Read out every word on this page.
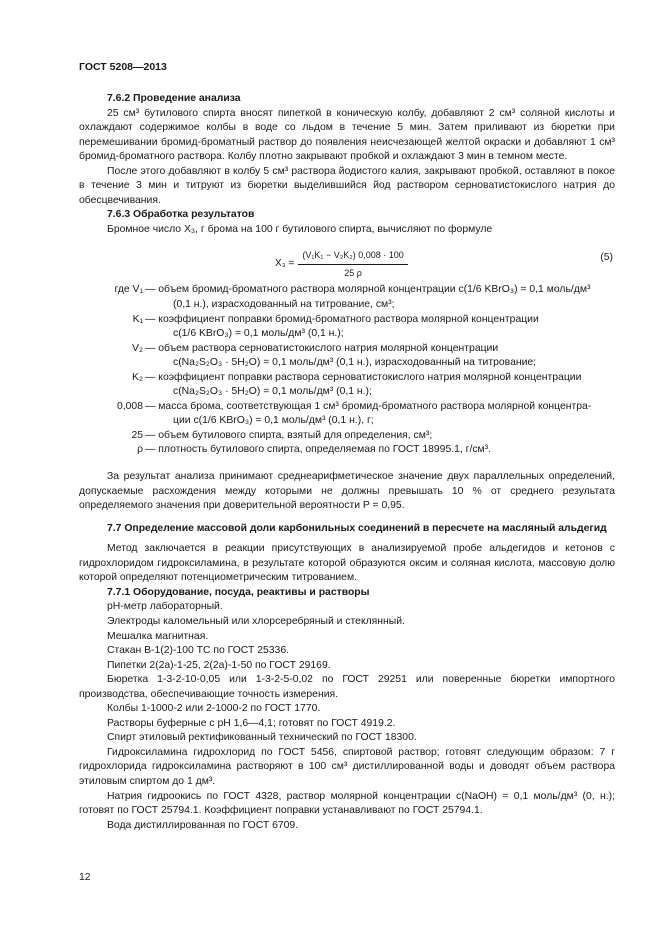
ГОСТ 5208—2013

7.6.2 Проведение анализа

25 см³ бутилового спирта вносят пипеткой в коническую колбу, добавляют 2 см³ соляной кислоты и охлаждают содержимое колбы в воде со льдом в течение 5 мин. Затем приливают из бюретки при перемешивании бромид-броматный раствор до появления неисчезающей желтой окраски и добавляют 1 см³ бромид-броматного раствора. Колбу плотно закрывают пробкой и охлаждают 3 мин в темном месте.

После этого добавляют в колбу 5 см³ раствора йодистого калия, закрывают пробкой, оставляют в покое в течение 3 мин и титруют из бюретки выделившийся йод раствором серноватистокислого натрия до обесцвечивания.

7.6.3 Обработка результатов

Бромное число X₃, г брома на 100 г бутилового спирта, вычисляют по формуле

$X_3 = \frac{\text{(V₁K₁ − V₂K₂) 0,008 · 100}}{25 \rho}$	(5)
где V₁ — объем бромид-броматного раствора молярной концентрации c(1/6 KBrO₃) = 0,1 моль/дм³
(0,1 н.), израсходованный на титрование, см³;
K₁ — коэффициент поправки бромид-броматного раствора молярной концентрации
c(1/6 KBrO₃) = 0,1 моль/дм³ (0,1 н.);
V₂ — объем раствора серноватистокислого натрия молярной концентрации
c(Na₂S₂O₃ · 5H₂O) = 0,1 моль/дм³ (0,1 н.), израсходованный на титрование;
K₂ — коэффициент поправки раствора серноватистокислого натрия молярной концентрации
c(Na₂S₂O₃ · 5H₂O) = 0,1 моль/дм³ (0,1 н.);
0,008 — масса брома, соответствующая 1 см³ бромид-броматного раствора молярной концентра-
ции c(1/6 KBrO₃) = 0,1 моль/дм³ (0,1 н.), г;
25 — объем бутилового спирта, взятый для определения, см³;
ρ — плотность бутилового спирта, определяемая по ГОСТ 18995.1, г/см³.

За результат анализа принимают среднеарифметическое значение двух параллельных определений, допускаемые расхождения между которыми не должны превышать 10 % от среднего результата определяемого значения при доверительной вероятности P = 0,95.

7.7 Определение массовой доли карбонильных соединений в пересчете на масляный альдегид

Метод заключается в реакции присутствующих в анализируемой пробе альдегидов и кетонов с гидрохлоридом гидроксиламина, в результате которой образуются оксим и соляная кислота, массовую долю которой определяют потенциометрическим титрованием.

7.7.1 Оборудование, посуда, реактивы и растворы

pH-метр лабораторный.

Электроды каломельный или хлорсеребряный и стеклянный.

Мешалка магнитная.

Стакан В-1(2)-100 ТС по ГОСТ 25336.

Пипетки 2(2а)-1-25, 2(2а)-1-50 по ГОСТ 29169.

Бюретка 1-3-2-10-0,05 или 1-3-2-5-0,02 по ГОСТ 29251 или поверенные бюретки импортного производства, обеспечивающие точность измерения.

Колбы 1-1000-2 или 2-1000-2 по ГОСТ 1770.

Растворы буферные с pH 1,6—4,1; готовят по ГОСТ 4919.2.

Спирт этиловый ректификованный технический по ГОСТ 18300.

Гидроксиламина гидрохлорид по ГОСТ 5456, спиртовой раствор; готовят следующим образом: 7 г гидрохлорида гидроксиламина растворяют в 100 см³ дистиллированной воды и доводят объем раствора этиловым спиртом до 1 дм³.

Натрия гидроокись по ГОСТ 4328, раствор молярной концентрации c(NaOH) = 0,1 моль/дм³ (0, н.); готовят по ГОСТ 25794.1. Коэффициент поправки устанавливают по ГОСТ 25794.1.

Вода дистиллированная по ГОСТ 6709.

12
